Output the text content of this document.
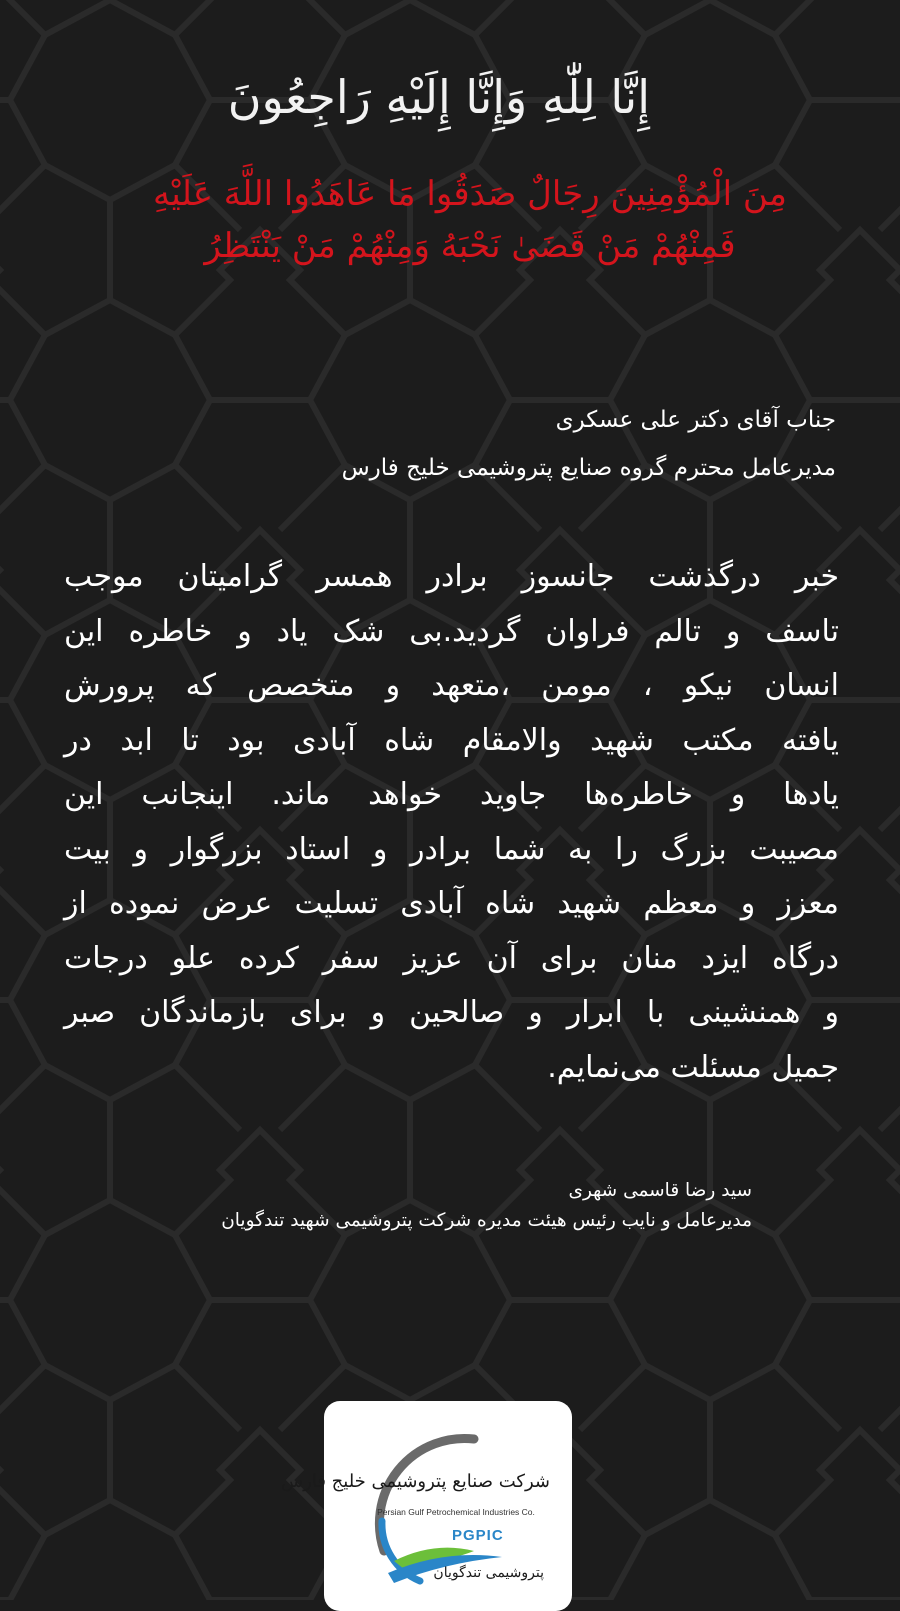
إِنَّا لِلّٰهِ وَإِنَّا إِلَيْهِ رَاجِعُونَ
مِنَ الْمُؤْمِنِينَ رِجَالٌ صَدَقُوا مَا عَاهَدُوا اللَّهَ عَلَيْهِ
فَمِنْهُمْ مَنْ قَضَىٰ نَحْبَهُ وَمِنْهُمْ مَنْ يَنْتَظِرُ
جناب آقای دکتر علی عسکری
مدیرعامل محترم گروه صنایع پتروشیمی خلیج فارس
خبر درگذشت جانسوز برادر همسر گرامیتان موجب
تاسف و تالم فراوان گردید.بی شک یاد و خاطره این
انسان نیکو ، مومن ،متعهد و متخصص که پرورش
یافته مکتب شهید والامقام شاه آبادی بود تا ابد در
یادها و خاطره‌ها جاوید خواهد ماند. اینجانب این
مصیبت بزرگ را به شما برادر و استاد بزرگوار و بیت
معزز و معظم شهید شاه آبادی تسلیت عرض نموده از
درگاه ایزد منان برای آن عزیز سفر کرده علو درجات
و همنشینی با ابرار و صالحین و برای بازماندگان صبر
جمیل مسئلت می‌نمایم.
سید رضا قاسمی شهری
مدیرعامل و نایب رئیس هیئت مدیره شرکت پتروشیمی شهید تندگویان
شرکت صنایع پتروشیمی خلیج فارس
Persian Gulf Petrochemical Industries Co.
PGPIC
پتروشیمی تندگویان
